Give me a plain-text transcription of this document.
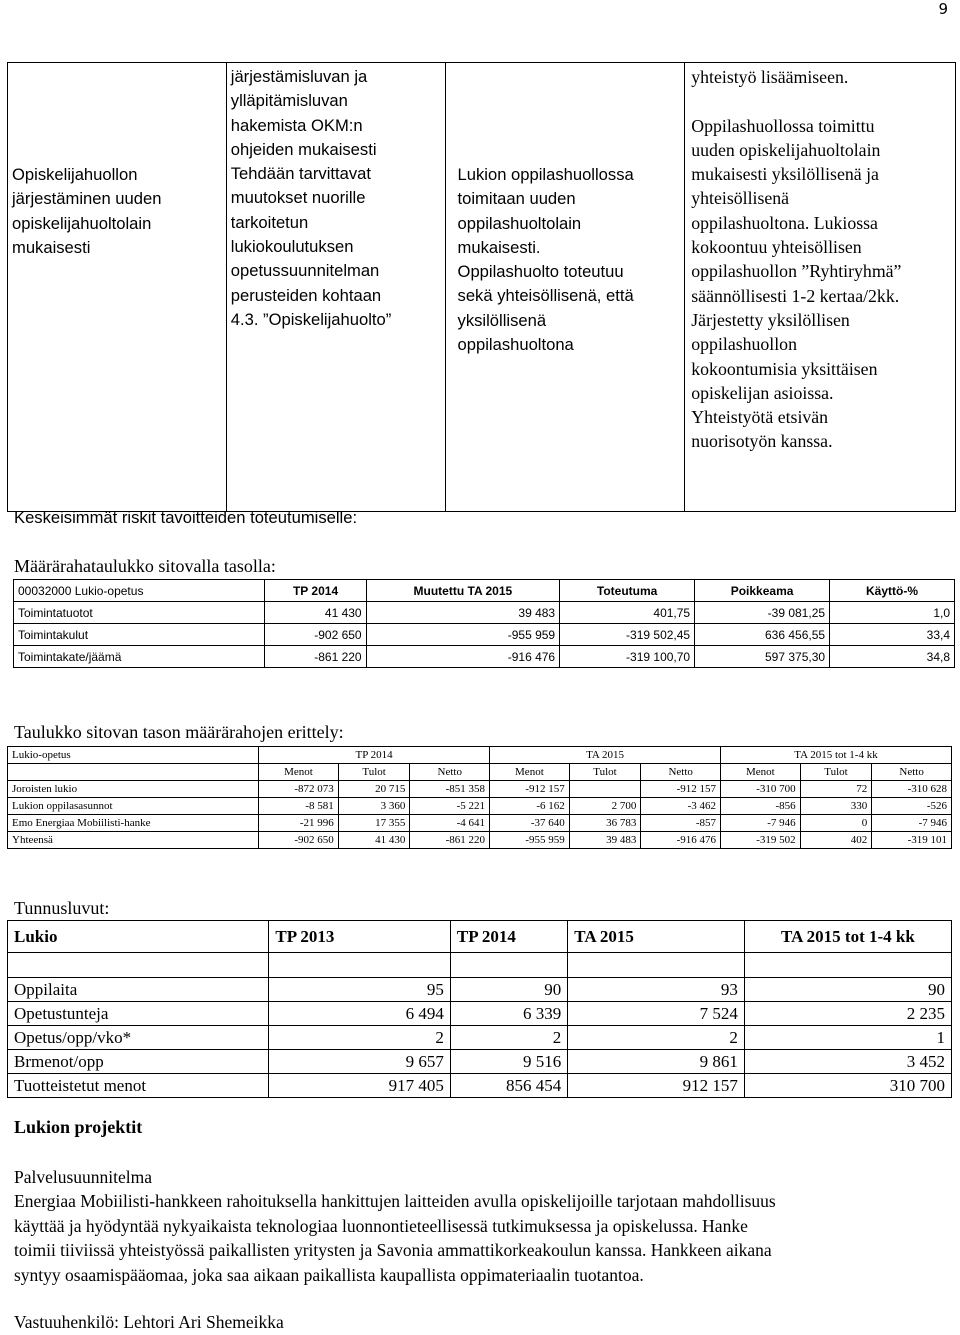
9
Opiskelijahuollon
järjestäminen uuden
opiskelijahuoltolain
mukaisesti

järjestämisluvan ja
ylläpitämisluvan
hakemista OKM:n
ohjeiden mukaisesti
Tehdään tarvittavat
muutokset nuorille
tarkoitetun
lukiokoulutuksen
opetussuunnitelman
perusteiden kohtaan
4.3. ”Opiskelijahuolto”

Lukion oppilashuollossa
toimitaan uuden
oppilashuoltolain
mukaisesti.
Oppilashuolto toteutuu
sekä yhteisöllisenä, että
yksilöllisenä
oppilashuoltona

yhteistyö lisäämiseen.
Oppilashuollossa toimittu
uuden opiskelijahuoltolain
mukaisesti yksilöllisenä ja
yhteisöllisenä
oppilashuoltona. Lukiossa
kokoontuu yhteisöllisen
oppilashuollon ”Ryhtiryhmä”
säännöllisesti 1-2 kertaa/2kk.
Järjestetty yksilöllisen
oppilashuollon
kokoontumisia yksittäisen
opiskelijan asioissa.
Yhteistyötä etsivän
nuorisotyön kanssa.
Keskeisimmät riskit tavoitteiden toteutumiselle:
Määrärahataulukko sitovalla tasolla:
00032000 Lukio-opetus	TP 2014	Muutettu TA 2015	Toteutuma	Poikkeama	Käyttö-%
Toimintatuotot	41 430	39 483	401,75	-39 081,25	1,0
Toimintakulut	-902 650	-955 959	-319 502,45	636 456,55	33,4
Toimintakate/jäämä	-861 220	-916 476	-319 100,70	597 375,30	34,8
Taulukko sitovan tason määrärahojen erittely:
Lukio-opetus	TP 2014			TA 2015			TA 2015 tot 1-4 kk		
	Menot	Tulot	Netto	Menot	Tulot	Netto	Menot	Tulot	Netto
Joroisten lukio	-872 073	20 715	-851 358	-912 157		-912 157	-310 700	72	-310 628
Lukion oppilasasunnot	-8 581	3 360	-5 221	-6 162	2 700	-3 462	-856	330	-526
Emo Energiaa Mobiilisti-hanke	-21 996	17 355	-4 641	-37 640	36 783	-857	-7 946	0	-7 946
Yhteensä	-902 650	41 430	-861 220	-955 959	39 483	-916 476	-319 502	402	-319 101
Tunnusluvut:
Lukio	TP 2013	TP 2014	TA 2015	TA 2015 tot 1-4 kk

Oppilaita	95	90	93	90
Opetustunteja	6 494	6 339	7 524	2 235
Opetus/opp/vko*	2	2	2	1
Brmenot/opp	9 657	9 516	9 861	3 452
Tuotteistetut menot	917 405	856 454	912 157	310 700
Lukion projektit
Palvelusuunnitelma
Energiaa Mobiilisti-hankkeen rahoituksella hankittujen laitteiden avulla opiskelijoille tarjotaan mahdollisuus
käyttää ja hyödyntää nykyaikaista teknologiaa luonnontieteellisessä tutkimuksessa ja opiskelussa. Hanke
toimii tiiviissä yhteistyössä paikallisten yritysten ja Savonia ammattikorkeakoulun kanssa. Hankkeen aikana
syntyy osaamispääomaa, joka saa aikaan paikallista kaupallista oppimateriaalin tuotantoa.
Vastuuhenkilö: Lehtori Ari Shemeikka
